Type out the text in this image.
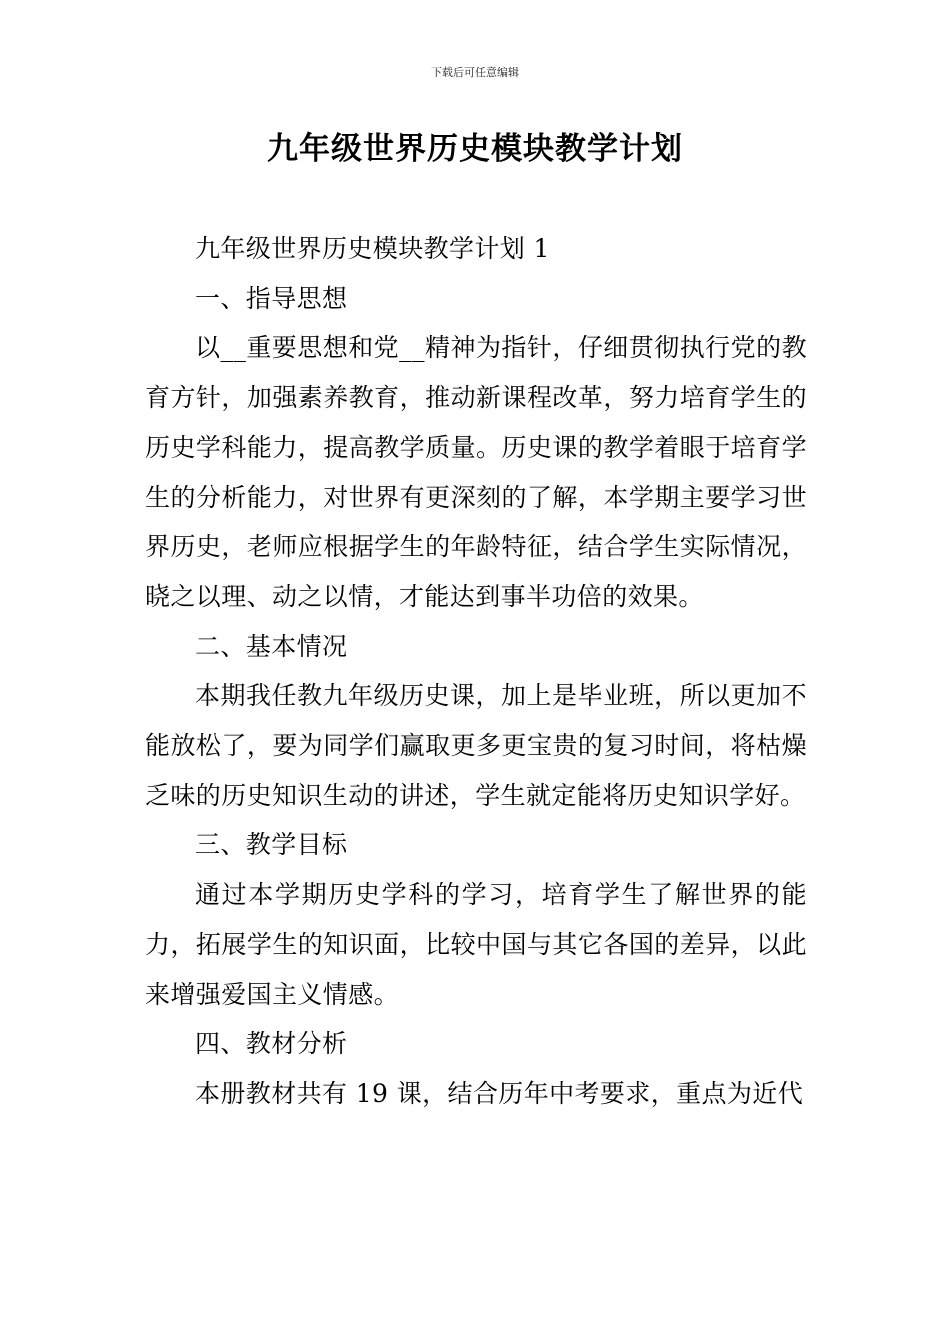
下载后可任意编辑
九年级世界历史模块教学计划

九年级世界历史模块教学计划 1

一、指导思想

以__重要思想和党__精神为指针，仔细贯彻执行党的教育方针，加强素养教育，推动新课程改革，努力培育学生的历史学科能力，提高教学质量。历史课的教学着眼于培育学生的分析能力，对世界有更深刻的了解，本学期主要学习世界历史，老师应根据学生的年龄特征，结合学生实际情况，晓之以理、动之以情，才能达到事半功倍的效果。

二、基本情况

本期我任教九年级历史课，加上是毕业班，所以更加不能放松了，要为同学们赢取更多更宝贵的复习时间，将枯燥乏味的历史知识生动的讲述，学生就定能将历史知识学好。

三、教学目标

通过本学期历史学科的学习，培育学生了解世界的能力，拓展学生的知识面，比较中国与其它各国的差异，以此来增强爱国主义情感。

四、教材分析

本册教材共有 19 课，结合历年中考要求，重点为近代
